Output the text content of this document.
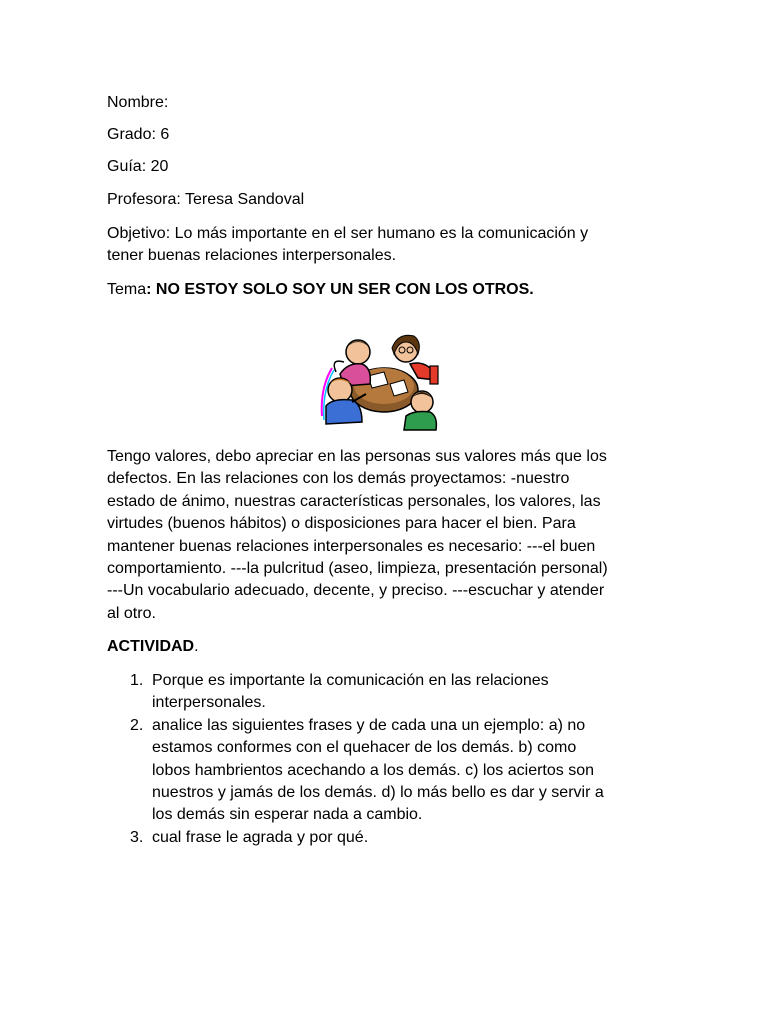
Nombre:
Grado: 6
Guía: 20
Profesora: Teresa Sandoval
Objetivo: Lo más importante en el ser humano es la comunicación y
tener buenas relaciones interpersonales.
Tema: NO ESTOY SOLO SOY UN SER CON LOS OTROS.
Tengo valores, debo apreciar en las personas sus valores más que los
defectos. En las relaciones con los demás proyectamos: -nuestro
estado de ánimo, nuestras características personales, los valores, las
virtudes (buenos hábitos) o disposiciones para hacer el bien. Para
mantener buenas relaciones interpersonales es necesario: ---el buen
comportamiento. ---la pulcritud (aseo, limpieza, presentación personal)
---Un vocabulario adecuado, decente, y preciso. ---escuchar y atender
al otro.
ACTIVIDAD.
1. Porque es importante la comunicación en las relaciones
interpersonales.
2. analice las siguientes frases y de cada una un ejemplo: a) no
estamos conformes con el quehacer de los demás. b) como
lobos hambrientos acechando a los demás. c) los aciertos son
nuestros y jamás de los demás. d) lo más bello es dar y servir a
los demás sin esperar nada a cambio.
3. cual frase le agrada y por qué.
